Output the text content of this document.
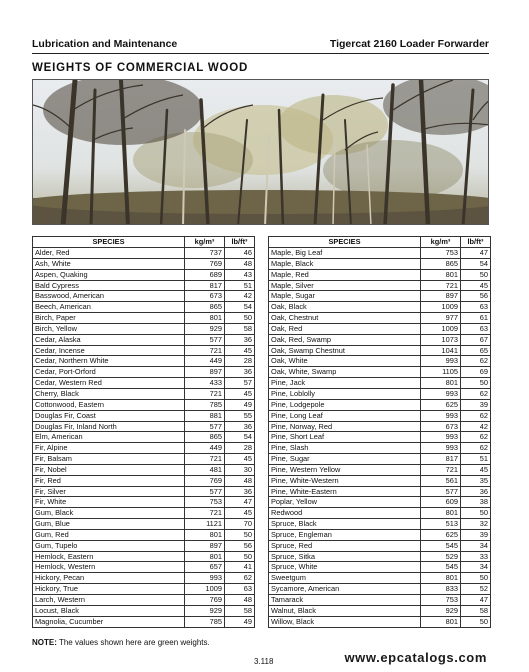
Lubrication and Maintenance	Tigercat 2160 Loader Forwarder
WEIGHTS OF COMMERCIAL WOOD
SPECIES	kg/m³	lb/ft³
Alder, Red	737	46
Ash, White	769	48
Aspen, Quaking	689	43
Bald Cypress	817	51
Basswood, American	673	42
Beech, American	865	54
Birch, Paper	801	50
Birch, Yellow	929	58
Cedar, Alaska	577	36
Cedar, Incense	721	45
Cedar, Northern White	449	28
Cedar, Port-Orford	897	36
Cedar, Western Red	433	57
Cherry, Black	721	45
Cottonwood, Eastern	785	49
Douglas Fir, Coast	881	55
Douglas Fir, Inland North	577	36
Elm, American	865	54
Fir, Alpine	449	28
Fir, Balsam	721	45
Fir, Nobel	481	30
Fir, Red	769	48
Fir, Silver	577	36
Fir, White	753	47
Gum, Black	721	45
Gum, Blue	1121	70
Gum, Red	801	50
Gum, Tupelo	897	56
Hemlock, Eastern	801	50
Hemlock, Western	657	41
Hickory, Pecan	993	62
Hickory, True	1009	63
Larch, Western	769	48
Locust, Black	929	58
Magnolia, Cucumber	785	49
SPECIES	kg/m³	lb/ft³
Maple, Big Leaf	753	47
Maple, Black	865	54
Maple, Red	801	50
Maple, Silver	721	45
Maple, Sugar	897	56
Oak, Black	1009	63
Oak, Chestnut	977	61
Oak, Red	1009	63
Oak, Red, Swamp	1073	67
Oak, Swamp Chestnut	1041	65
Oak, White	993	62
Oak, White, Swamp	1105	69
Pine, Jack	801	50
Pine, Loblolly	993	62
Pine, Lodgepole	625	39
Pine, Long Leaf	993	62
Pine, Norway, Red	673	42
Pine, Short Leaf	993	62
Pine, Slash	993	62
Pine, Sugar	817	51
Pine, Western Yellow	721	45
Pine, White-Western	561	35
Pine, White-Eastern	577	36
Poplar, Yellow	609	38
Redwood	801	50
Spruce, Black	513	32
Spruce, Engleman	625	39
Spruce, Red	545	34
Spruce, Sitka	529	33
Spruce, White	545	34
Sweetgum	801	50
Sycamore, American	833	52
Tamarack	753	47
Walnut, Black	929	58
Willow, Black	801	50
NOTE: The values shown here are green weights.
3.118	www.epcatalogs.com
